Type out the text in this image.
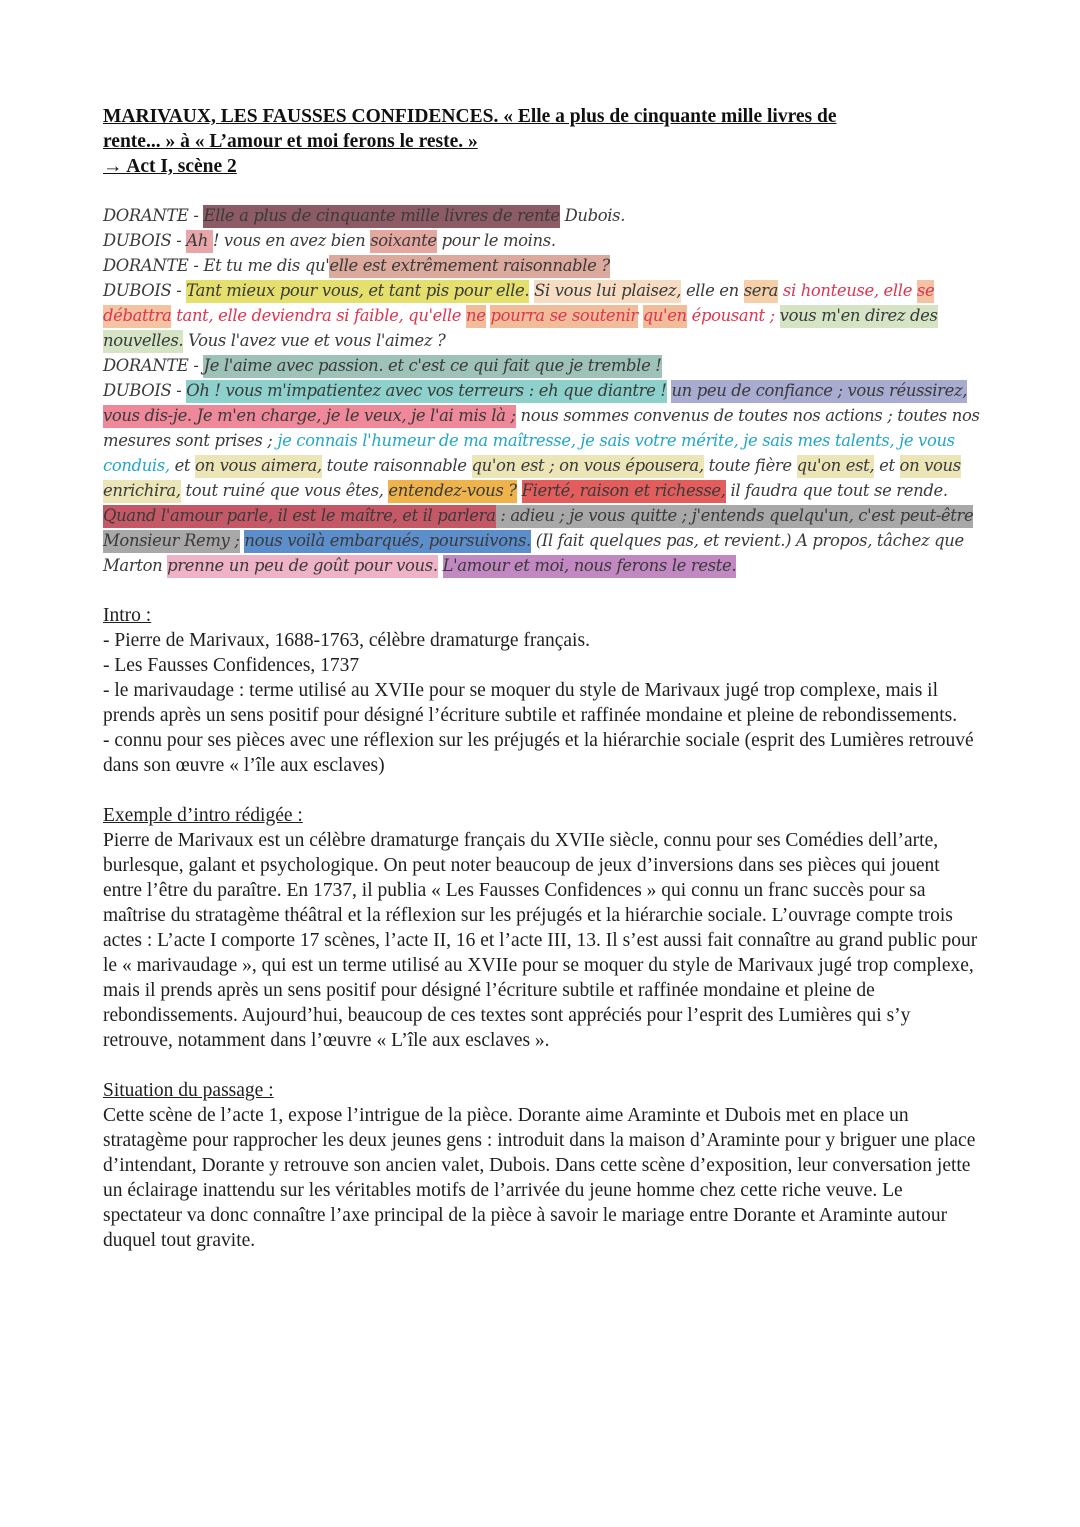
MARIVAUX, LES FAUSSES CONFIDENCES. « Elle a plus de cinquante mille livres de
rente... » à « L’amour et moi ferons le reste. »
→ Act I, scène 2
DORANTE - Elle a plus de cinquante mille livres de rente Dubois.
DUBOIS - Ah ! vous en avez bien soixante pour le moins.
DORANTE - Et tu me dis qu'elle est extrêmement raisonnable ?
DUBOIS - Tant mieux pour vous, et tant pis pour elle. Si vous lui plaisez, elle en sera si honteuse, elle se débattra tant, elle deviendra si faible, qu'elle ne pourra se soutenir qu'en épousant ; vous m'en direz des nouvelles. Vous l'avez vue et vous l'aimez ?
DORANTE - Je l'aime avec passion. et c'est ce qui fait que je tremble !
DUBOIS - Oh ! vous m'impatientez avec vos terreurs : eh que diantre ! un peu de confiance ; vous réussirez, vous dis-je. Je m'en charge, je le veux, je l'ai mis là ; nous sommes convenus de toutes nos actions ; toutes nos mesures sont prises ; je connais l'humeur de ma maîtresse, je sais votre mérite, je sais mes talents, je vous conduis, et on vous aimera, toute raisonnable qu'on est ; on vous épousera, toute fière qu'on est, et on vous enrichira, tout ruiné que vous êtes, entendez-vous ? Fierté, raison et richesse, il faudra que tout se rende. Quand l'amour parle, il est le maître, et il parlera : adieu ; je vous quitte ; j'entends quelqu'un, c'est peut-être Monsieur Remy ; nous voilà embarqués, poursuivons. (Il fait quelques pas, et revient.) A propos, tâchez que Marton prenne un peu de goût pour vous. L'amour et moi, nous ferons le reste.
Intro :

- Pierre de Marivaux, 1688-1763, célèbre dramaturge français.

- Les Fausses Confidences, 1737

- le marivaudage : terme utilisé au XVIIe pour se moquer du style de Marivaux jugé trop complexe, mais il prends après un sens positif pour désigné l’écriture subtile et raffinée mondaine et pleine de rebondissements.

- connu pour ses pièces avec une réflexion sur les préjugés et la hiérarchie sociale (esprit des Lumières retrouvé dans son œuvre « l’île aux esclaves)

Exemple d’intro rédigée :

Pierre de Marivaux est un célèbre dramaturge français du XVIIe siècle, connu pour ses Comédies dell’arte, burlesque, galant et psychologique. On peut noter beaucoup de jeux d’inversions dans ses pièces qui jouent entre l’être du paraître. En 1737, il publia « Les Fausses Confidences » qui connu un franc succès pour sa maîtrise du stratagème théâtral et la réflexion sur les préjugés et la hiérarchie sociale. L’ouvrage compte trois actes : L’acte I comporte 17 scènes, l’acte II, 16 et l’acte III, 13. Il s’est aussi fait connaître au grand public pour le « marivaudage », qui est un terme utilisé au XVIIe pour se moquer du style de Marivaux jugé trop complexe, mais il prends après un sens positif pour désigné l’écriture subtile et raffinée mondaine et pleine de rebondissements. Aujourd’hui, beaucoup de ces textes sont appréciés pour l’esprit des Lumières qui s’y retrouve, notamment dans l’œuvre « L’île aux esclaves ».

Situation du passage :

Cette scène de l’acte 1, expose l’intrigue de la pièce. Dorante aime Araminte et Dubois met en place un stratagème pour rapprocher les deux jeunes gens : introduit dans la maison d’Araminte pour y briguer une place d’intendant, Dorante y retrouve son ancien valet, Dubois. Dans cette scène d’exposition, leur conversation jette un éclairage inattendu sur les véritables motifs de l’arrivée du jeune homme chez cette riche veuve. Le spectateur va donc connaître l’axe principal de la pièce à savoir le mariage entre Dorante et Araminte autour duquel tout gravite.
